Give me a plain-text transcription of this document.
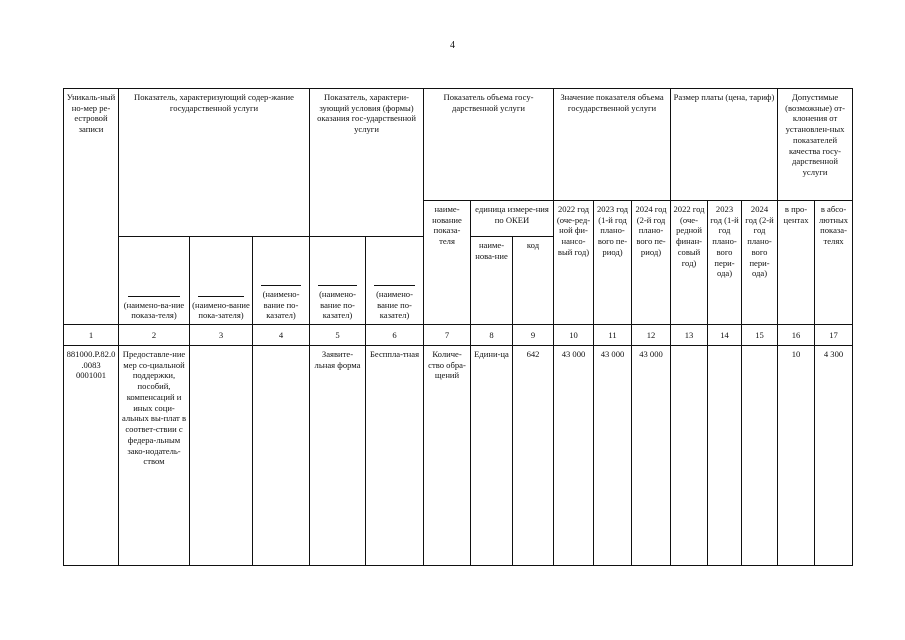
4
Уникаль-ный но-мер ре-естровой записи	Показатель, характеризующий содер-жание государственной услуги			Показатель, характери-зующий условия (формы) оказания гос-ударственной услуги		Показатель объема госу-дарственной услуги			Значение показателя объема государственной услуги			Размер платы (цена, тариф)			Допустимые (возможные) от-клонения от установлен-ных показателей качества госу-дарственной услуги	
						наиме-нование показа-теля	единица измере-ния по ОКЕИ		2022 год (оче-ред-ной фи-нансо-вый год)	2023 год (1-й год плано-вого пе-риод)	2024 год (2-й год плано-вого пе-риод)	2022 год (оче-редной финан-совый год)	2023 год (1-й год плано-вого пери-ода)	2024 год (2-й год плано-вого пери-ода)	в про-центах	в абсо-лютных показа-телях

(наимено-ва-ние показа-теля)	(наимено-вание пока-зателя)	(наимено-вание по-казател)	(наимено-вание по-казател)	(наимено-вание по-казател)		наиме-нова-ние	код								
1	2	3	4	5	6	7	8	9	10	11	12	13	14	15	16	17
881000.Р.82.0.0083 0001001	Предоставле-ние мер со-циальной поддержки, пособий, компенсаций и иных соци-альных вы-плат в соответ-ствии с федера-льным зако-нодатель-ством			Заявите-льная форма	Бесппла-тная	Количе-ство обра-щений	Едини-ца	642	43 000	43 000	43 000				10	4 300
